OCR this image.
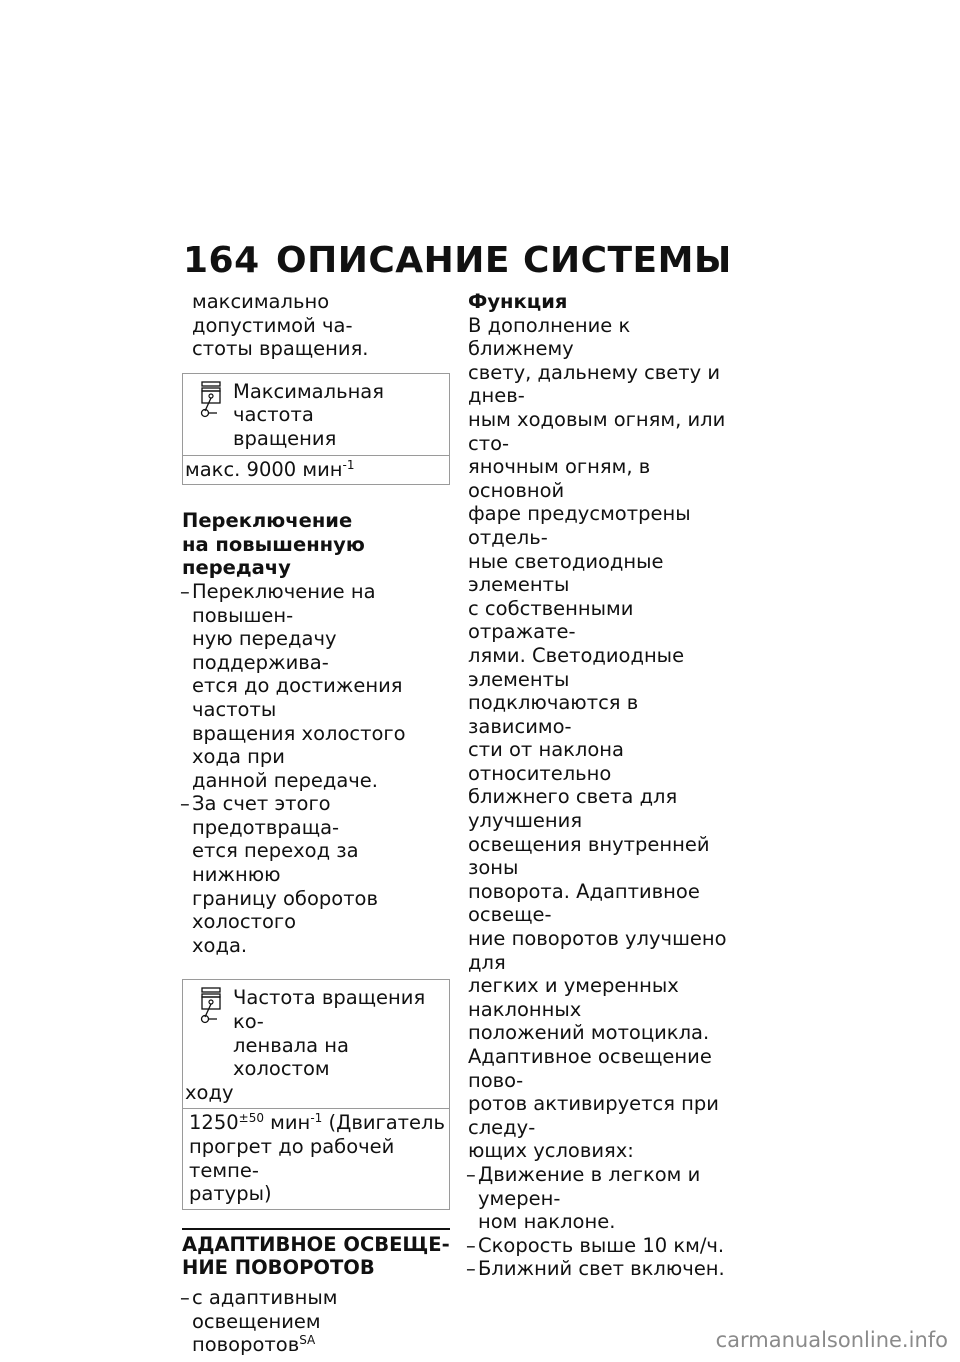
164 ОПИСАНИЕ СИСТЕМЫ

максимально допустимой ча-

стоты вращения.

Максимальная частота

вращения

макс. 9000 мин$^{-1}$

Переключение

на повышенную передачу

– Переключение на повышен-

ную передачу поддержива-

ется до достижения частоты

вращения холостого хода при

данной передаче.

– За счет этого предотвраща-

ется переход за нижнюю

границу оборотов холостого

хода.

Частота вращения ко-
ленвала на холостом
ходу

$1250^{\pm 50}$ мин$^{-1}$ (Двигатель

прогрет до рабочей темпе-

ратуры)

АДАПТИВНОЕ ОСВЕЩЕ-

НИЕ ПОВОРОТОВ

– с адаптивным освещением

поворотов$^{SA}$

Функция

В дополнение к ближнему

свету, дальнему свету и днев-

ным ходовым огням, или сто-

яночным огням, в основной

фаре предусмотрены отдель-

ные светодиодные элементы

с собственными отражате-

лями. Светодиодные элементы

подключаются в зависимо-

сти от наклона относительно

ближнего света для улучшения

освещения внутренней зоны

поворота. Адаптивное освеще-

ние поворотов улучшено для

легких и умеренных наклонных

положений мотоцикла.

Адаптивное освещение пово-

ротов активируется при следу-

ющих условиях:

– Движение в легком и умерен-

ном наклоне.

– Скорость выше 10 км/ч.

– Ближний свет включен.

carmanualsonline.info
